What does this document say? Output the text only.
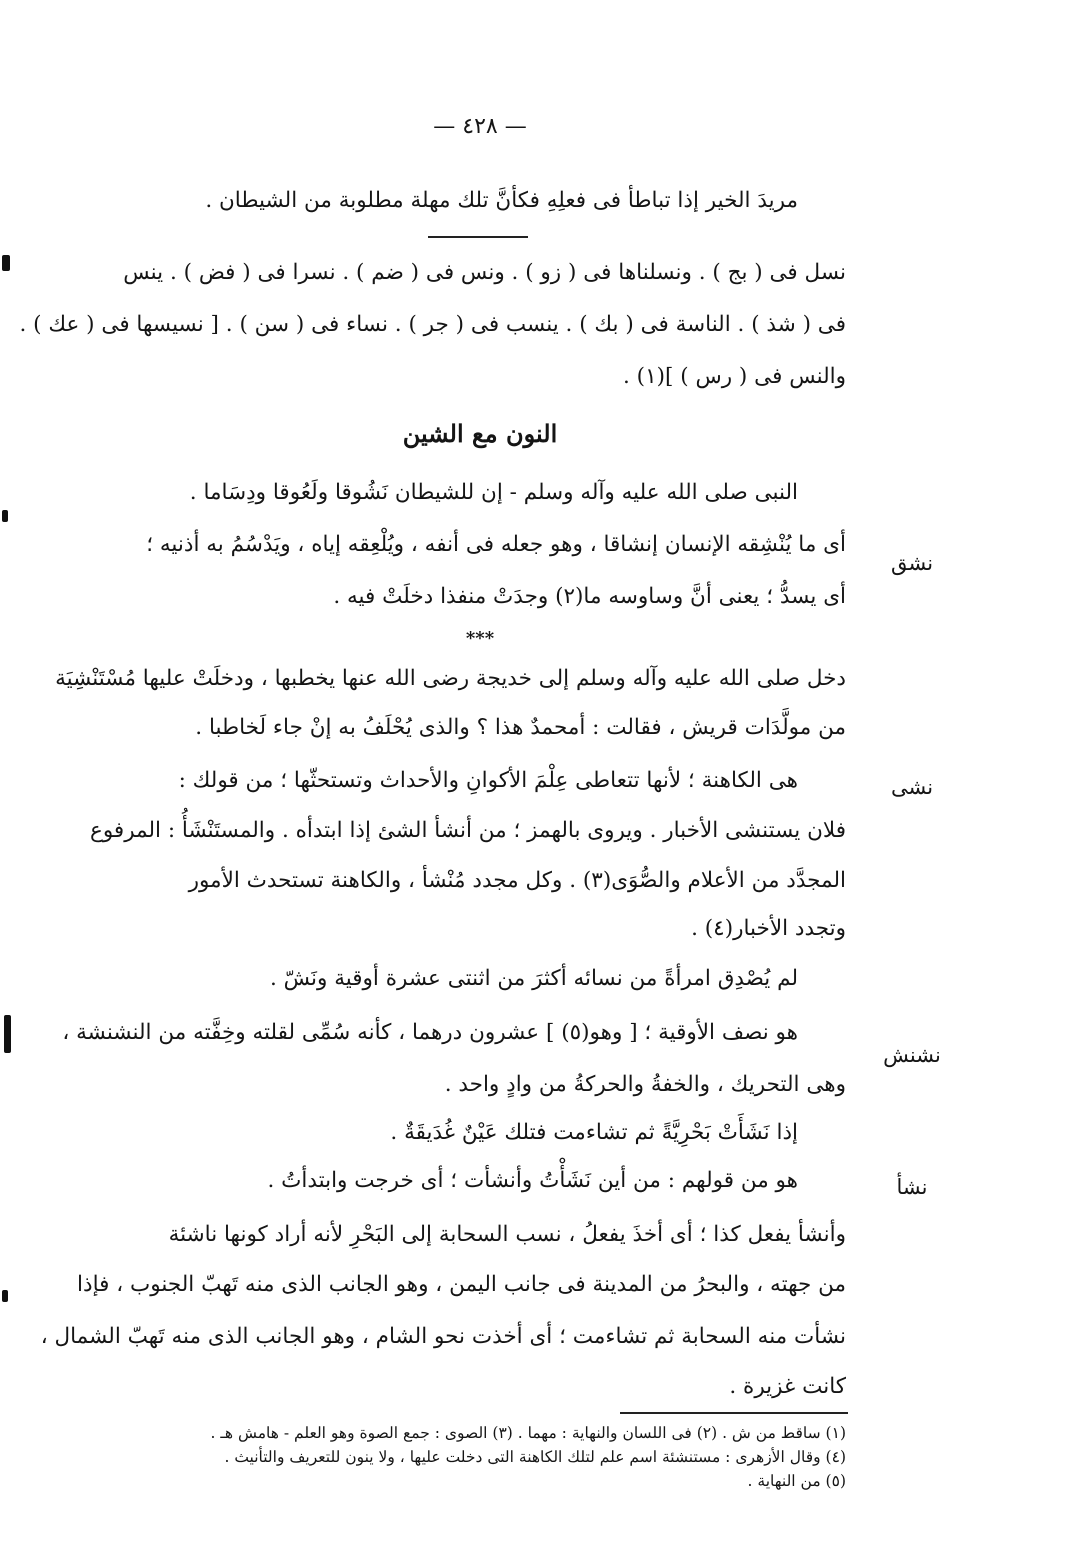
— ٤٢٨ —
مريدَ الخير إذا تباطأ فى فعلِهِ فكأنَّ تلك مهلة مطلوبة من الشيطان .
نسل فى ( بج ) . ونسلناها فى ( زو ) . ونس فى ( ضم ) . نسرا فى ( فض ) . ينس
فى ( شذ ) . الناسة فى ( بك ) . ينسب فى ( جر ) . نساء فى ( سن ) . [ نسيسها فى ( عك ) .
والنس فى ( رس ) ](١) .
النون مع الشين
النبى صلى الله عليه وآله وسلم - إن للشيطان نَشُوقا ولَعُوقا ودِسَاما .
أى ما يُنْشِقه الإنسان إنشاقا ، وهو جعله فى أنفه ، ويُلْعِقه إياه ، ويَدْسُمُ به أذنيه ؛
أى يسدُّ ؛ يعنى أنَّ وساوسه ما(٢) وجدَتْ منفذا دخلَتْ فيه .
نشق
***
دخل صلى الله عليه وآله وسلم إلى خديجة رضى الله عنها يخطبها ، ودخلَتْ عليها مُسْتَنْشِيَة
من مولَّدَات قريش ، فقالت : أمحمدٌ هذا ؟ والذى يُحْلَفُ به إنْ جاء لَخاطبا .
هى الكاهنة ؛ لأنها تتعاطى عِلْمَ الأكوانِ والأحداث وتستحثّها ؛ من قولك :
فلان يستنشى الأخبار . ويروى بالهمز ؛ من أنشأ الشئ إذا ابتدأه . والمستَنْشَأُ : المرفوع
المجدَّد من الأعلام والصُّوَى(٣) . وكل مجدد مُنْشأ ، والكاهنة تستحدث الأمور
وتجدد الأخبار(٤) .
نشى
لم يُصْدِق امرأةً من نسائه أكثرَ من اثنتى عشرة أوقية ونَشّ .
هو نصف الأوقية ؛ [ وهو(٥) ] عشرون درهما ، كأنه سُمِّى لقلته وخِفَّته من النشنشة ،
وهى التحريك ، والخفةُ والحركةُ من وادٍ واحد .
نشنش
إذا نَشَأَتْ بَحْرِيَّةً ثم تشاءمت فتلك عَيْنٌ غُدَيقَةٌ .
هو من قولهم : من أين نَشَأْتُ وأنشأت ؛ أى خرجت وابتدأتُ .
وأنشأ يفعل كذا ؛ أى أخذَ يفعلُ ، نسب السحابة إلى البَحْرِ لأنه أراد كونها ناشئة
من جهته ، والبحرُ من المدينة فى جانب اليمن ، وهو الجانب الذى منه تَهبّ الجنوب ، فإذا
نشأت منه السحابة ثم تشاءمت ؛ أى أخذت نحو الشام ، وهو الجانب الذى منه تَهبّ الشمال ،
كانت غزيرة .
نشأ
(١) ساقط من ش . (٢) فى اللسان والنهاية : مهما . (٣) الصوى : جمع الصوة وهو العلم - هامش هـ .
(٤) وقال الأزهرى : مستنشئة اسم علم لتلك الكاهنة التى دخلت عليها ، ولا ينون للتعريف والتأنيث .
(٥) من النهاية .
